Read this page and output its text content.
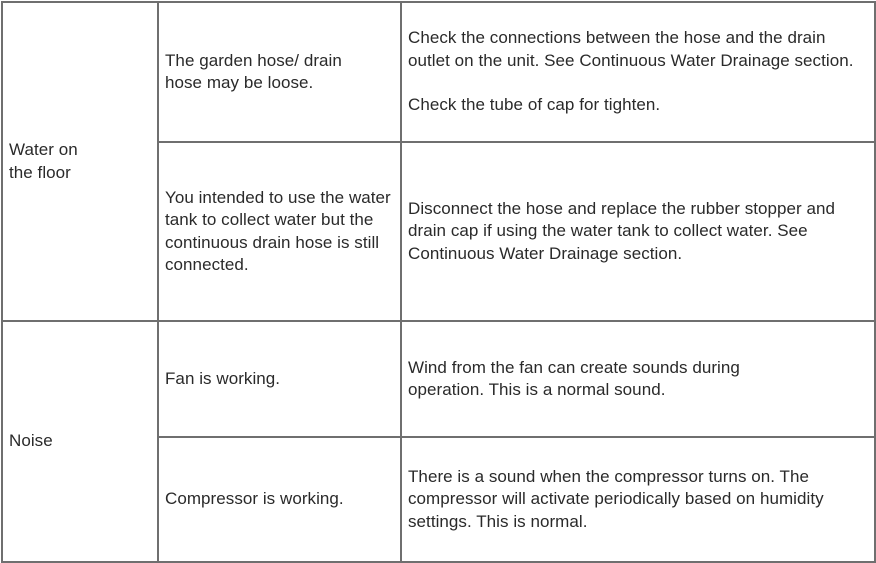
Water on the floor	The garden hose/ drain hose may be loose.	Check the connections between the hose and the drain outlet on the unit. See Continuous Water Drainage section.
Check the tube of cap for tighten.

	You intended to use the water tank to collect water but the continuous drain hose is still connected.	Disconnect the hose and replace the rubber stopper and drain cap if using the water tank to collect water. See Continuous Water Drainage section.

Noise	Fan is working.	Wind from the fan can create sounds during operation. This is a normal sound.

	Compressor is working.	There is a sound when the compressor turns on. The compressor will activate periodically based on humidity settings. This is normal.
